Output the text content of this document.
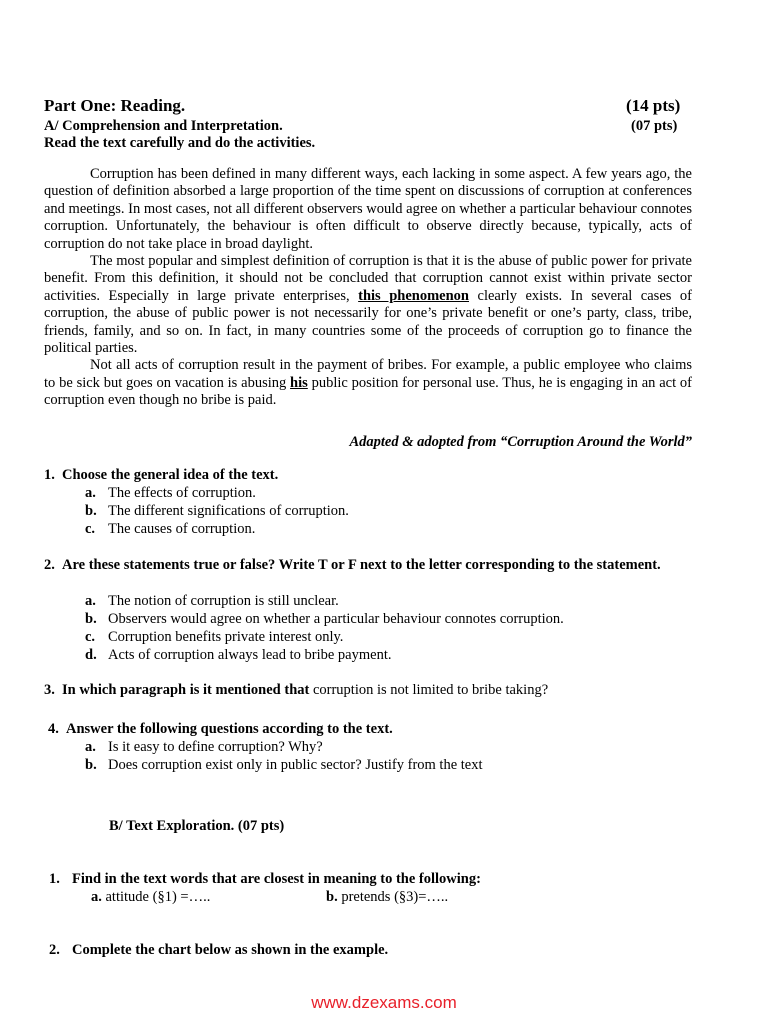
Part One: Reading.	(14 pts)
A/ Comprehension and Interpretation.	(07 pts)
Read the text carefully and do the activities.

Corruption has been defined in many different ways, each lacking in some aspect. A few years ago, the question of definition absorbed a large proportion of the time spent on discussions of corruption at conferences and meetings. In most cases, not all different observers would agree on whether a particular behaviour connotes corruption. Unfortunately, the behaviour is often difficult to observe directly because, typically, acts of corruption do not take place in broad daylight.

The most popular and simplest definition of corruption is that it is the abuse of public power for private benefit. From this definition, it should not be concluded that corruption cannot exist within private sector activities. Especially in large private enterprises, this phenomenon clearly exists. In several cases of corruption, the abuse of public power is not necessarily for one’s private benefit or one’s party, class, tribe, friends, family, and so on. In fact, in many countries some of the proceeds of corruption go to finance the political parties.

Not all acts of corruption result in the payment of bribes. For example, a public employee who claims to be sick but goes on vacation is abusing his public position for personal use. Thus, he is engaging in an act of corruption even though no bribe is paid.

Adapted & adopted from “Corruption Around the World”
1. Choose the general idea of the text.
a. The effects of corruption.
b. The different significations of corruption.
c. The causes of corruption.
2. Are these statements true or false? Write T or F next to the letter corresponding to the statement.
a. The notion of corruption is still unclear.
b. Observers would agree on whether a particular behaviour connotes corruption.
c. Corruption benefits private interest only.
d. Acts of corruption always lead to bribe payment.
3. In which paragraph is it mentioned that corruption is not limited to bribe taking?
4. Answer the following questions according to the text.
a. Is it easy to define corruption? Why?
b. Does corruption exist only in public sector? Justify from the text
B/ Text Exploration. (07 pts)
1. Find in the text words that are closest in meaning to the following:
a. attitude (§1) =…..	b. pretends (§3)=…..
2. Complete the chart below as shown in the example.
www.dzexams.com
